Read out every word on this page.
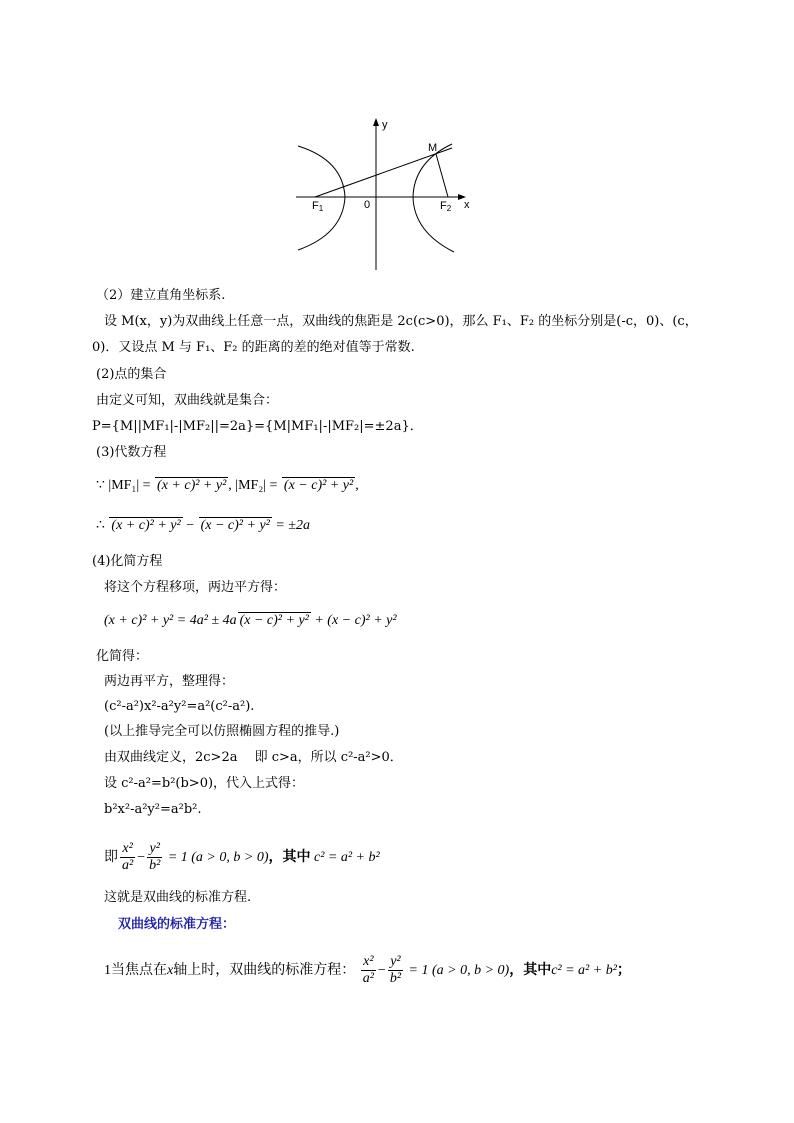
y
x
M
0
F1	F2
（2）建立直角坐标系.
设 M(x，y)为双曲线上任意一点，双曲线的焦距是 2c(c>0)，那么 F₁、F₂ 的坐标分别是(-c，0)、(c，
0)．又设点 M 与 F₁、F₂ 的距离的差的绝对值等于常数.
(2)点的集合
由定义可知，双曲线就是集合：
P={M||MF₁|-|MF₂||=2a}={M|MF₁|-|MF₂|=±2a}．
(3)代数方程
∵ |MF₁| = (x + c)² + y² , |MF₂| = (x − c)² + y² ,
∴ (x + c)² + y² − (x − c)² + y² = ±2a
(4)化简方程
将这个方程移项，两边平方得：
(x + c)² + y² = 4a² ± 4a (x − c)² + y² + (x − c)² + y²
化简得：
两边再平方，整理得：
(c²-a²)x²-a²y²=a²(c²-a²).
(以上推导完全可以仿照椭圆方程的推导.)
由双曲线定义，2c>2a　 即 c>a，所以 c²-a²>0．
设 c²-a²=b²(b>0)，代入上式得：
b²x²-a²y²=a²b².
即 $\frac{\text{x²}}{\text{a²}} - \frac{\text{y²}}{\text{b²}} = 1$ (a > 0, b > 0)，其中 c² = a² + b²
这就是双曲线的标准方程.
双曲线的标准方程：
1当焦点在x轴上时，双曲线的标准方程： $\frac{\text{x²}}{\text{a²}} - \frac{\text{y²}}{\text{b²}} = 1$ (a > 0, b > 0)，其中c² = a² + b²；
